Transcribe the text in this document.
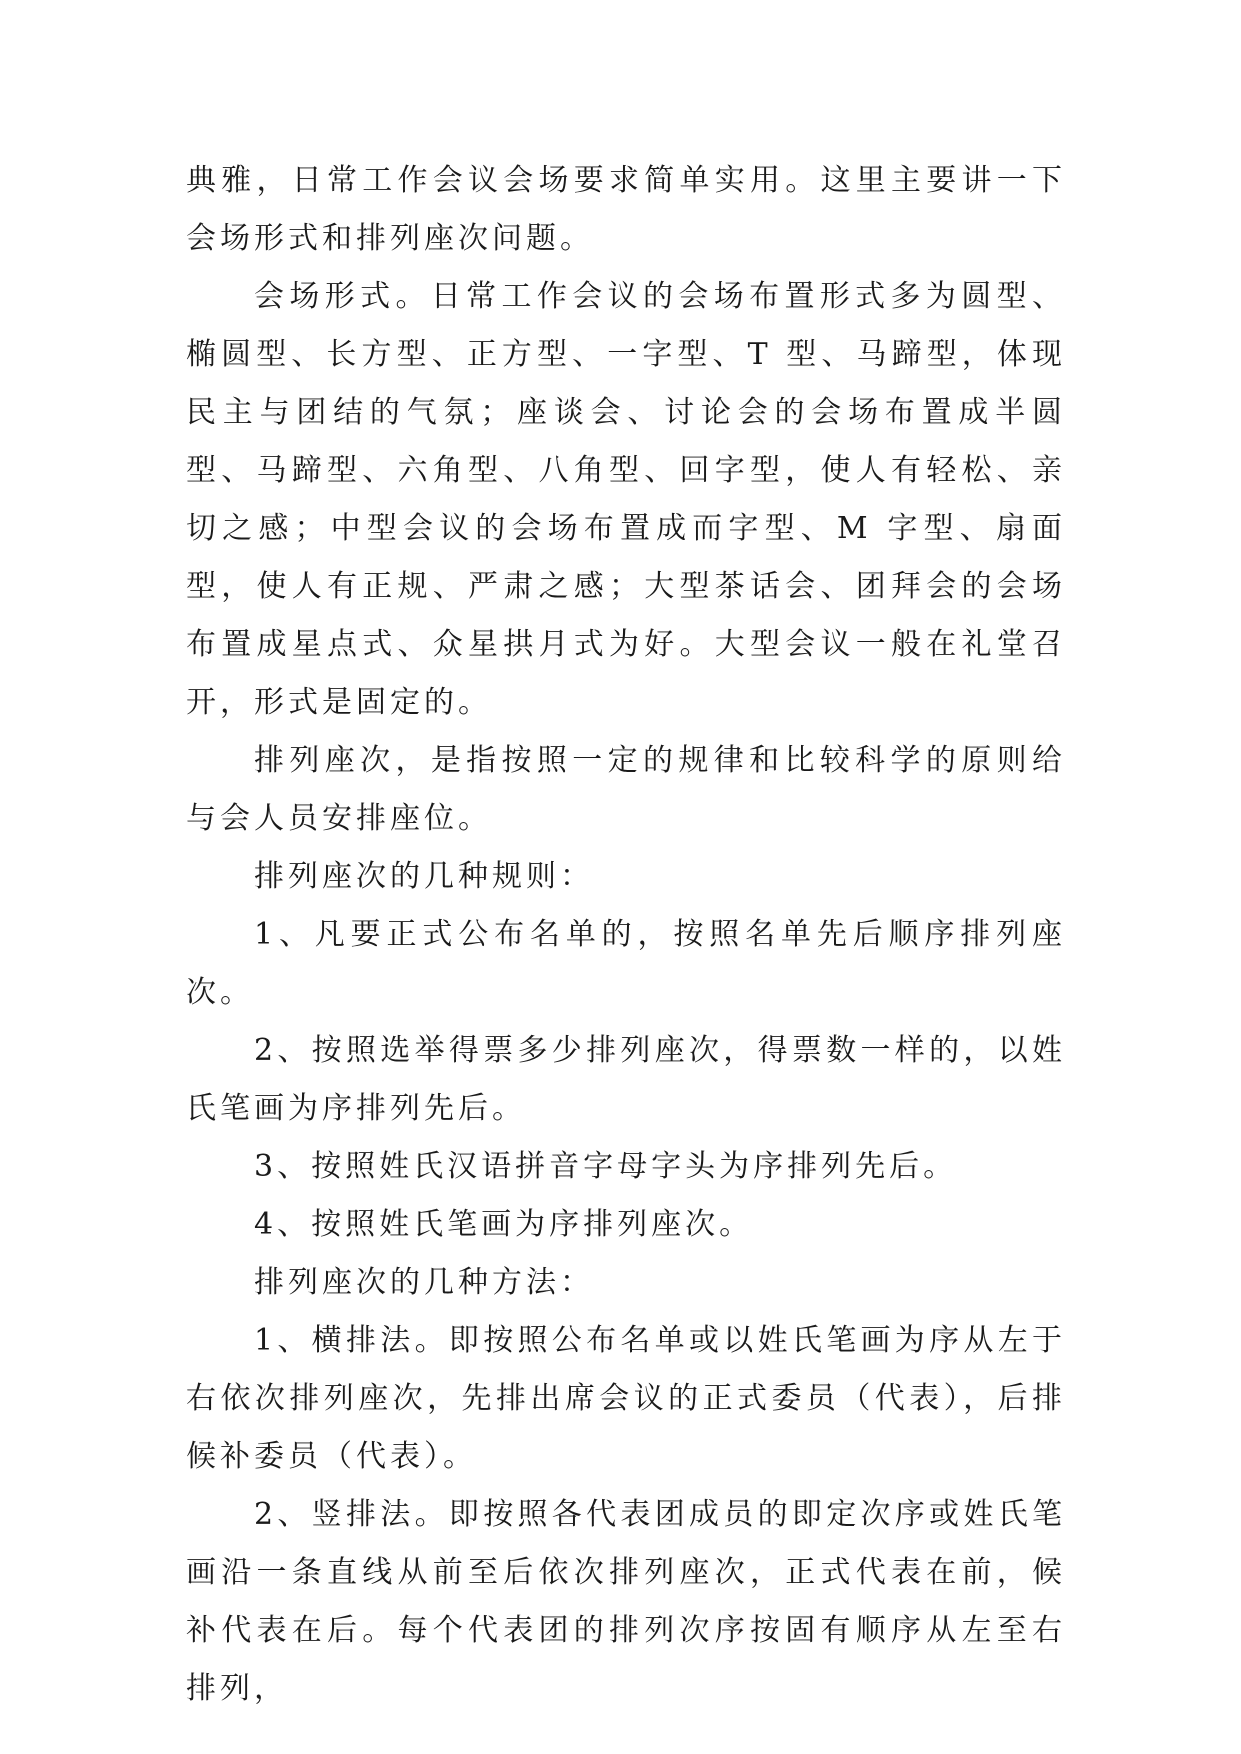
典雅，日常工作会议会场要求简单实用。这里主要讲一下会场形式和排列座次问题。

会场形式。日常工作会议的会场布置形式多为圆型、椭圆型、长方型、正方型、一字型、T 型、马蹄型，体现民主与团结的气氛；座谈会、讨论会的会场布置成半圆型、马蹄型、六角型、八角型、回字型，使人有轻松、亲切之感；中型会议的会场布置成而字型、M 字型、扇面型，使人有正规、严肃之感；大型茶话会、团拜会的会场布置成星点式、众星拱月式为好。大型会议一般在礼堂召开，形式是固定的。

排列座次，是指按照一定的规律和比较科学的原则给与会人员安排座位。

排列座次的几种规则：

1、凡要正式公布名单的，按照名单先后顺序排列座次。

2、按照选举得票多少排列座次，得票数一样的，以姓氏笔画为序排列先后。

3、按照姓氏汉语拼音字母字头为序排列先后。

4、按照姓氏笔画为序排列座次。

排列座次的几种方法：

1、横排法。即按照公布名单或以姓氏笔画为序从左于右依次排列座次，先排出席会议的正式委员（代表），后排候补委员（代表）。

2、竖排法。即按照各代表团成员的即定次序或姓氏笔画沿一条直线从前至后依次排列座次，正式代表在前，候补代表在后。每个代表团的排列次序按固有顺序从左至右排列，
